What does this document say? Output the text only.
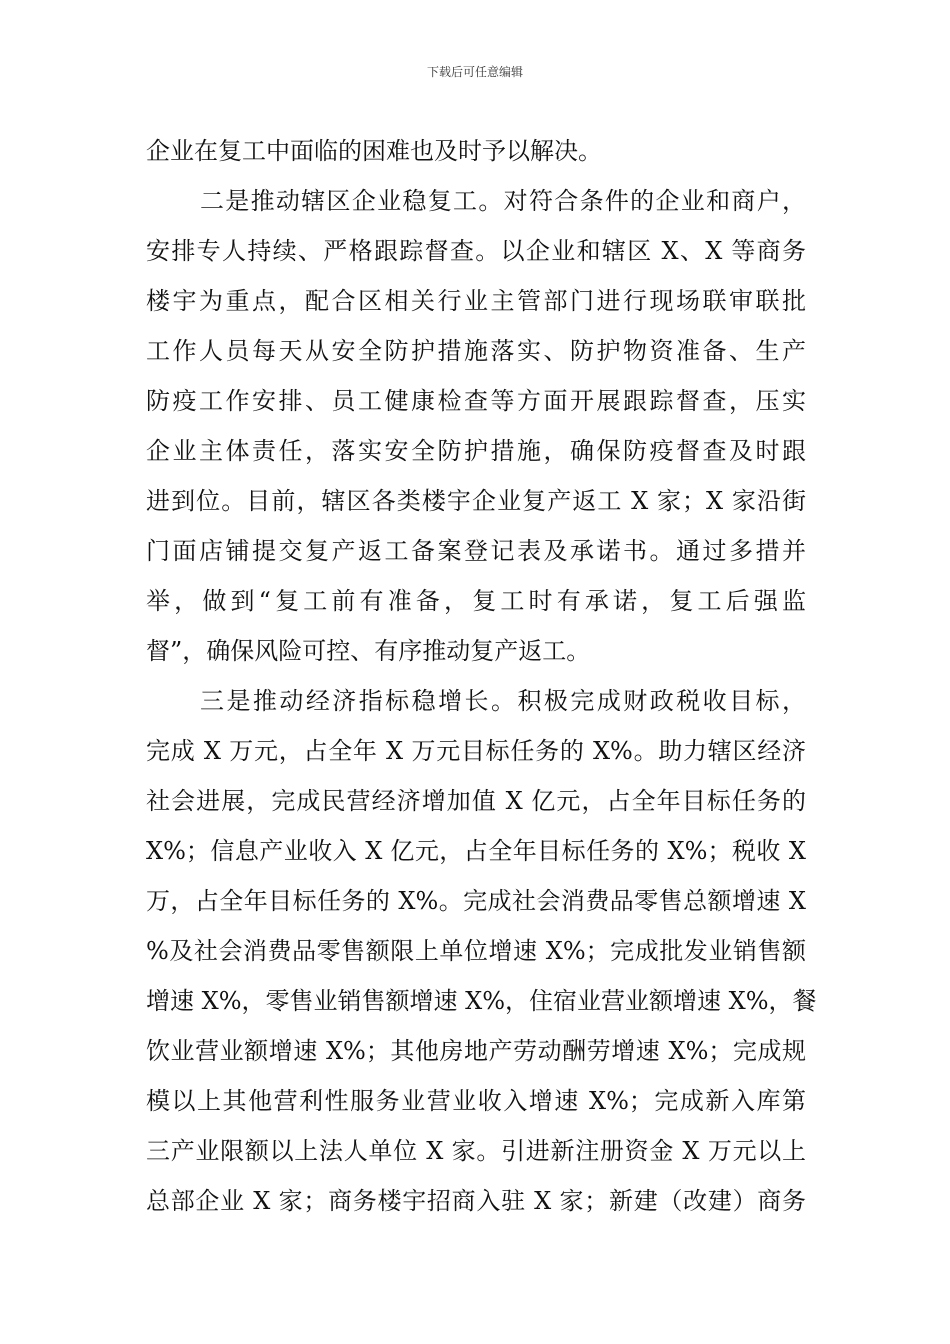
下载后可任意编辑
企业在复工中面临的困难也及时予以解决。
二是推动辖区企业稳复工。对符合条件的企业和商户，
安排专人持续、严格跟踪督查。以企业和辖区 X、X 等商务
楼宇为重点，配合区相关行业主管部门进行现场联审联批
工作人员每天从安全防护措施落实、防护物资准备、生产
防疫工作安排、员工健康检查等方面开展跟踪督查，压实
企业主体责任，落实安全防护措施，确保防疫督查及时跟
进到位。目前，辖区各类楼宇企业复产返工 X 家；X 家沿街
门面店铺提交复产返工备案登记表及承诺书。通过多措并
举，做到“复工前有准备，复工时有承诺，复工后强监
督”，确保风险可控、有序推动复产返工。
三是推动经济指标稳增长。积极完成财政税收目标，
完成 X 万元，占全年 X 万元目标任务的 X%。助力辖区经济
社会进展，完成民营经济增加值 X 亿元，占全年目标任务的
X%；信息产业收入 X 亿元，占全年目标任务的 X%；税收 X
万，占全年目标任务的 X%。完成社会消费品零售总额增速 X
%及社会消费品零售额限上单位增速 X%；完成批发业销售额
增速 X%，零售业销售额增速 X%，住宿业营业额增速 X%，餐
饮业营业额增速 X%；其他房地产劳动酬劳增速 X%；完成规
模以上其他营利性服务业营业收入增速 X%；完成新入库第
三产业限额以上法人单位 X 家。引进新注册资金 X 万元以上
总部企业 X 家；商务楼宇招商入驻 X 家；新建（改建）商务
